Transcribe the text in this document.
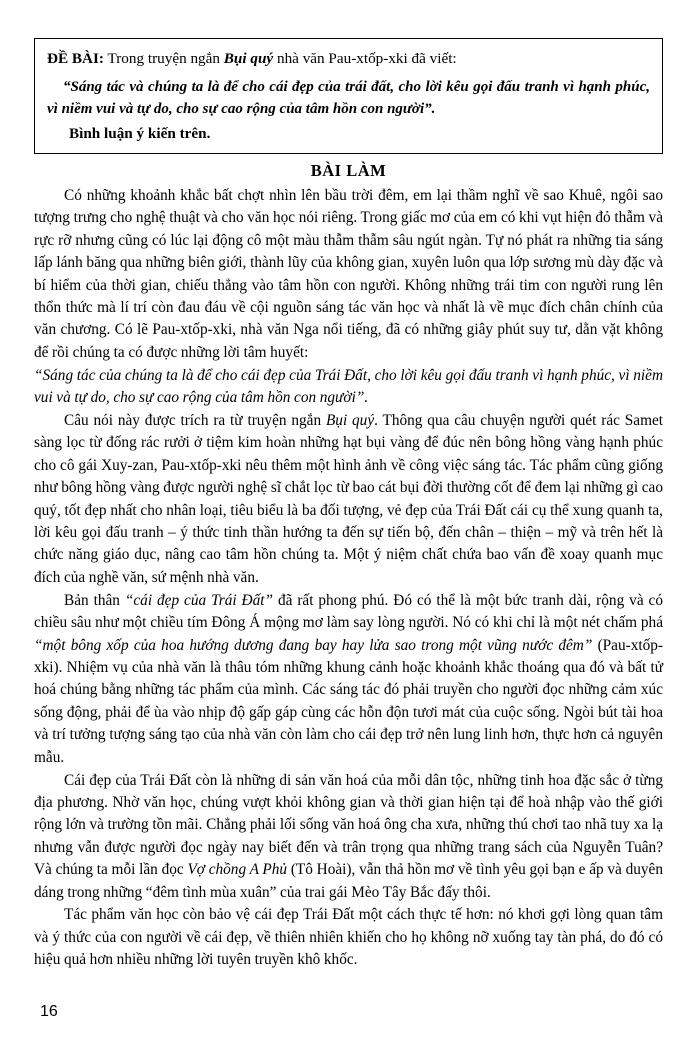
ĐỀ BÀI: Trong truyện ngắn Bụi quý nhà văn Pau-xtốp-xki đã viết:

“Sáng tác và chúng ta là để cho cái đẹp của trái đất, cho lời kêu gọi đấu tranh vì hạnh phúc, vì niềm vui và tự do, cho sự cao rộng của tâm hồn con người”.

Bình luận ý kiến trên.

BÀI LÀM

Có những khoảnh khắc bất chợt nhìn lên bầu trời đêm, em lại thầm nghĩ về sao Khuê, ngôi sao tượng trưng cho nghệ thuật và cho văn học nói riêng. Trong giấc mơ của em có khi vụt hiện đỏ thẫm và rực rỡ nhưng cũng có lúc lại động cô một màu thẫm thẫm sâu ngút ngàn. Tự nó phát ra những tia sáng lấp lánh băng qua những biên giới, thành lũy của không gian, xuyên luôn qua lớp sương mù dày đặc và bí hiểm của thời gian, chiếu thẳng vào tâm hồn con người. Không những trái tim con người rung lên thổn thức mà lí trí còn đau đáu về cội nguồn sáng tác văn học và nhất là về mục đích chân chính của văn chương. Có lẽ Pau-xtốp-xki, nhà văn Nga nổi tiếng, đã có những giây phút suy tư, dằn vặt không để rồi chúng ta có được những lời tâm huyết:

“Sáng tác của chúng ta là để cho cái đẹp của Trái Đất, cho lời kêu gọi đấu tranh vì hạnh phúc, vì niềm vui và tự do, cho sự cao rộng của tâm hồn con người”.

Câu nói này được trích ra từ truyện ngắn Bụi quý. Thông qua câu chuyện người quét rác Samet sàng lọc từ đống rác rưởi ở tiệm kim hoàn những hạt bụi vàng để đúc nên bông hồng vàng hạnh phúc cho cô gái Xuy-zan, Pau-xtốp-xki nêu thêm một hình ảnh về công việc sáng tác. Tác phẩm cũng giống như bông hồng vàng được người nghệ sĩ chắt lọc từ bao cát bụi đời thường cốt để đem lại những gì cao quý, tốt đẹp nhất cho nhân loại, tiêu biểu là ba đối tượng, vẻ đẹp của Trái Đất cái cụ thể xung quanh ta, lời kêu gọi đấu tranh – ý thức tinh thần hướng ta đến sự tiến bộ, đến chân – thiện – mỹ và trên hết là chức năng giáo dục, nâng cao tâm hồn chúng ta. Một ý niệm chất chứa bao vấn đề xoay quanh mục đích của nghề văn, sứ mệnh nhà văn.

Bản thân “cái đẹp của Trái Đất” đã rất phong phú. Đó có thể là một bức tranh dài, rộng và có chiều sâu như một chiều tím Đông Á mộng mơ làm say lòng người. Nó có khi chỉ là một nét chấm phá “một bông xốp của hoa hướng dương đang bay hay lửa sao trong một vũng nước đêm” (Pau-xtốp-xki). Nhiệm vụ của nhà văn là thâu tóm những khung cảnh hoặc khoảnh khắc thoáng qua đó và bất tử hoá chúng bằng những tác phẩm của mình. Các sáng tác đó phải truyền cho người đọc những cảm xúc sống động, phải để ùa vào nhịp độ gấp gáp cùng các hỗn độn tươi mát của cuộc sống. Ngòi bút tài hoa và trí tưởng tượng sáng tạo của nhà văn còn làm cho cái đẹp trở nên lung linh hơn, thực hơn cả nguyên mẫu.

Cái đẹp của Trái Đất còn là những di sản văn hoá của mỗi dân tộc, những tinh hoa đặc sắc ở từng địa phương. Nhờ văn học, chúng vượt khỏi không gian và thời gian hiện tại để hoà nhập vào thế giới rộng lớn và trường tồn mãi. Chẳng phải lối sống văn hoá ông cha xưa, những thú chơi tao nhã tuy xa lạ nhưng vẫn được người đọc ngày nay biết đến và trân trọng qua những trang sách của Nguyễn Tuân? Và chúng ta mỗi lần đọc Vợ chồng A Phủ (Tô Hoài), vẫn thả hồn mơ về tình yêu gọi bạn e ấp và duyên dáng trong những “đêm tình mùa xuân” của trai gái Mèo Tây Bắc đấy thôi.

Tác phẩm văn học còn bảo vệ cái đẹp Trái Đất một cách thực tế hơn: nó khơi gợi lòng quan tâm và ý thức của con người về cái đẹp, về thiên nhiên khiến cho họ không nỡ xuống tay tàn phá, do đó có hiệu quả hơn nhiều những lời tuyên truyền khô khốc.

16
